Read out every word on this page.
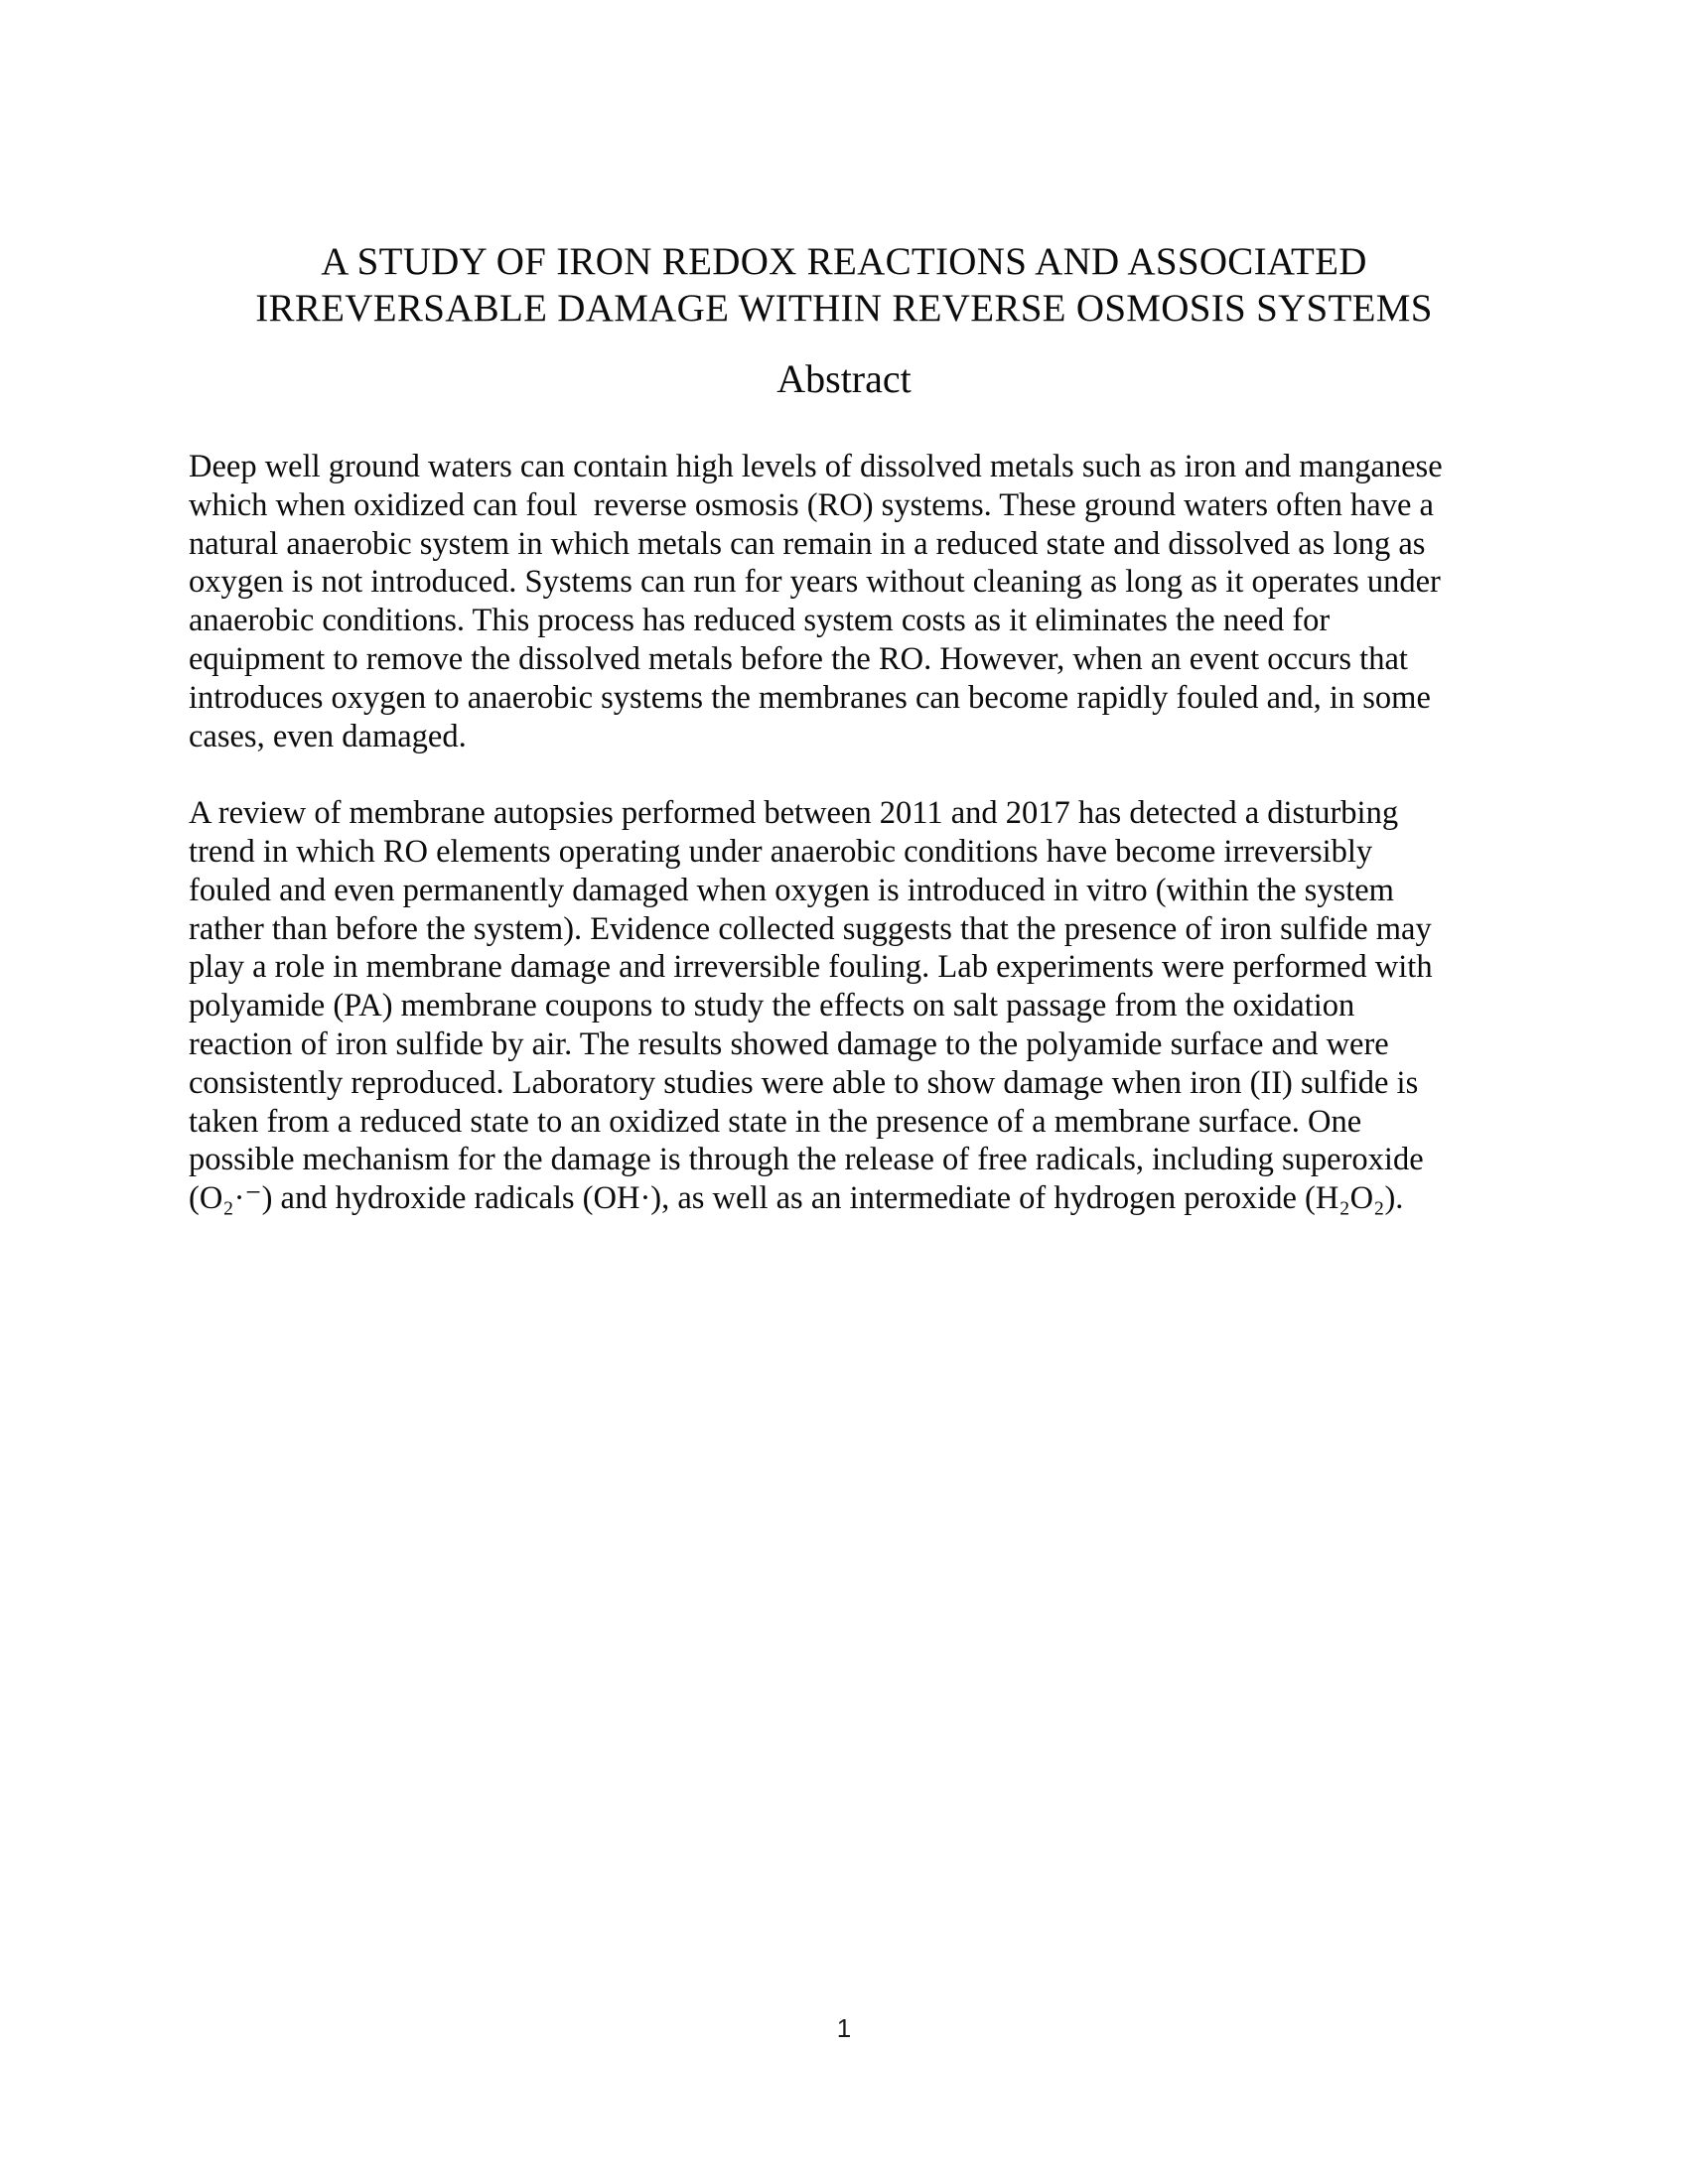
A STUDY OF IRON REDOX REACTIONS AND ASSOCIATED
IRREVERSABLE DAMAGE WITHIN REVERSE OSMOSIS SYSTEMS
Abstract
Deep well ground waters can contain high levels of dissolved metals such as iron and manganese
which when oxidized can foul  reverse osmosis (RO) systems. These ground waters often have a
natural anaerobic system in which metals can remain in a reduced state and dissolved as long as
oxygen is not introduced. Systems can run for years without cleaning as long as it operates under
anaerobic conditions. This process has reduced system costs as it eliminates the need for
equipment to remove the dissolved metals before the RO. However, when an event occurs that
introduces oxygen to anaerobic systems the membranes can become rapidly fouled and, in some
cases, even damaged.
A review of membrane autopsies performed between 2011 and 2017 has detected a disturbing
trend in which RO elements operating under anaerobic conditions have become irreversibly
fouled and even permanently damaged when oxygen is introduced in vitro (within the system
rather than before the system). Evidence collected suggests that the presence of iron sulfide may
play a role in membrane damage and irreversible fouling. Lab experiments were performed with
polyamide (PA) membrane coupons to study the effects on salt passage from the oxidation
reaction of iron sulfide by air. The results showed damage to the polyamide surface and were
consistently reproduced. Laboratory studies were able to show damage when iron (II) sulfide is
taken from a reduced state to an oxidized state in the presence of a membrane surface. One
possible mechanism for the damage is through the release of free radicals, including superoxide
(O₂·⁻) and hydroxide radicals (OH·), as well as an intermediate of hydrogen peroxide (H₂O₂).
1
